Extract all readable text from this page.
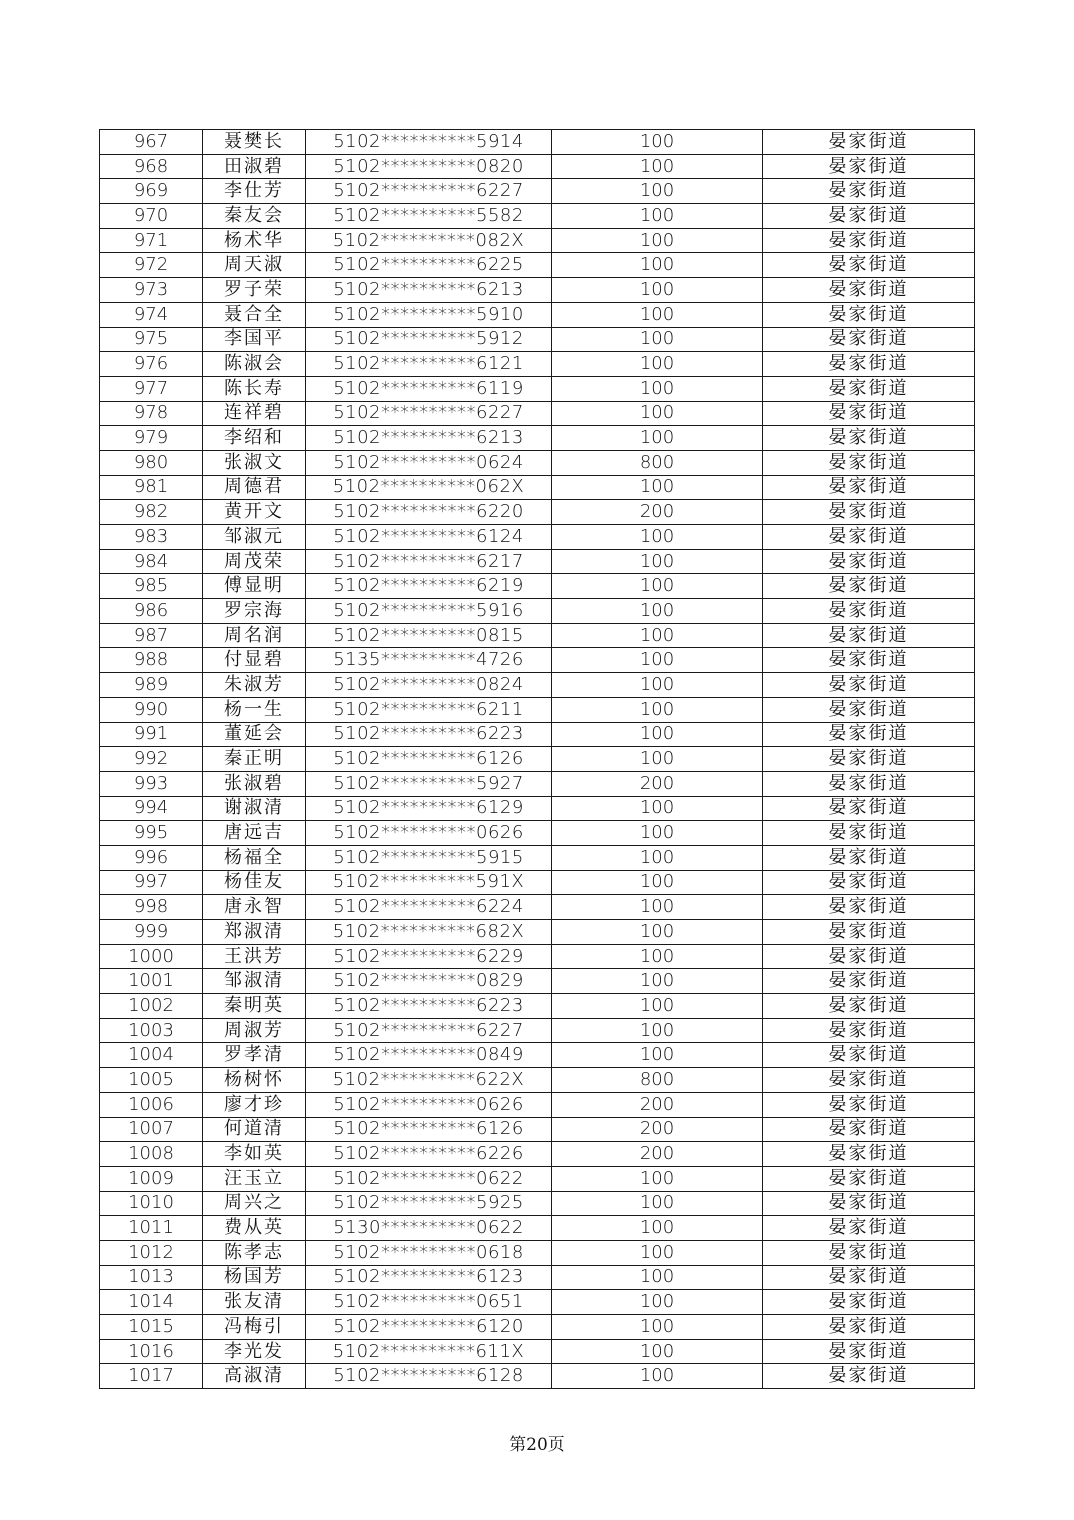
967	聂樊长	5102**********5914	100	晏家街道
968	田淑碧	5102**********0820	100	晏家街道
969	李仕芳	5102**********6227	100	晏家街道
970	秦友会	5102**********5582	100	晏家街道
971	杨术华	5102**********082X	100	晏家街道
972	周天淑	5102**********6225	100	晏家街道
973	罗子荣	5102**********6213	100	晏家街道
974	聂合全	5102**********5910	100	晏家街道
975	李国平	5102**********5912	100	晏家街道
976	陈淑会	5102**********6121	100	晏家街道
977	陈长寿	5102**********6119	100	晏家街道
978	连祥碧	5102**********6227	100	晏家街道
979	李绍和	5102**********6213	100	晏家街道
980	张淑文	5102**********0624	800	晏家街道
981	周德君	5102**********062X	100	晏家街道
982	黄开文	5102**********6220	200	晏家街道
983	邹淑元	5102**********6124	100	晏家街道
984	周茂荣	5102**********6217	100	晏家街道
985	傅显明	5102**********6219	100	晏家街道
986	罗宗海	5102**********5916	100	晏家街道
987	周名润	5102**********0815	100	晏家街道
988	付显碧	5135**********4726	100	晏家街道
989	朱淑芳	5102**********0824	100	晏家街道
990	杨一生	5102**********6211	100	晏家街道
991	董延会	5102**********6223	100	晏家街道
992	秦正明	5102**********6126	100	晏家街道
993	张淑碧	5102**********5927	200	晏家街道
994	谢淑清	5102**********6129	100	晏家街道
995	唐远吉	5102**********0626	100	晏家街道
996	杨福全	5102**********5915	100	晏家街道
997	杨佳友	5102**********591X	100	晏家街道
998	唐永智	5102**********6224	100	晏家街道
999	郑淑清	5102**********682X	100	晏家街道
1000	王洪芳	5102**********6229	100	晏家街道
1001	邹淑清	5102**********0829	100	晏家街道
1002	秦明英	5102**********6223	100	晏家街道
1003	周淑芳	5102**********6227	100	晏家街道
1004	罗孝清	5102**********0849	100	晏家街道
1005	杨树怀	5102**********622X	800	晏家街道
1006	廖才珍	5102**********0626	200	晏家街道
1007	何道清	5102**********6126	200	晏家街道
1008	李如英	5102**********6226	200	晏家街道
1009	汪玉立	5102**********0622	100	晏家街道
1010	周兴之	5102**********5925	100	晏家街道
1011	费从英	5130**********0622	100	晏家街道
1012	陈孝志	5102**********0618	100	晏家街道
1013	杨国芳	5102**********6123	100	晏家街道
1014	张友清	5102**********0651	100	晏家街道
1015	冯梅引	5102**********6120	100	晏家街道
1016	李光发	5102**********611X	100	晏家街道
1017	高淑清	5102**********6128	100	晏家街道
第20页
